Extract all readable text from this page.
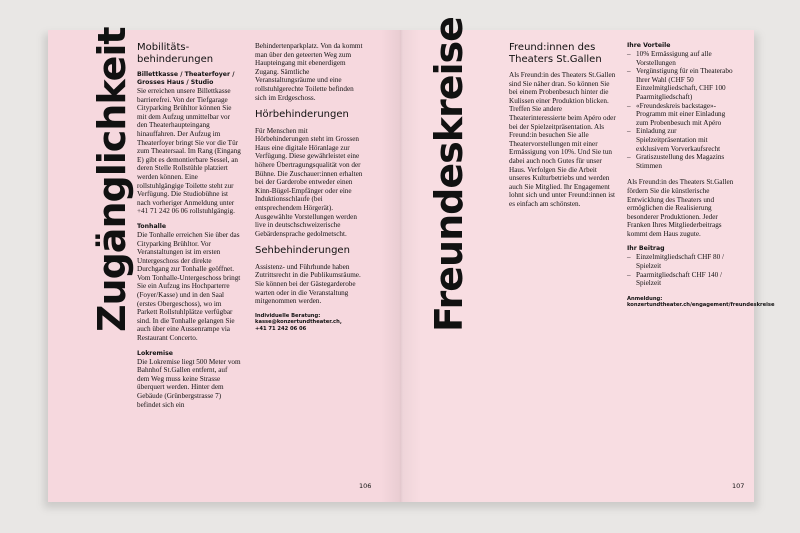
Zugänglichkeit Mobilitäts-behinderungen
Billettkasse / Theaterfoyer / Grosses Haus / Studio

Sie erreichen unsere Billettkasse barrierefrei. Von der Tiefgarage Cityparking Brühltor können Sie mit dem Aufzug unmittelbar vor den Theaterhaupteingang hinauffahren. Der Aufzug im Theaterfoyer bringt Sie vor die Tür zum Theatersaal. Im Rang (Eingang E) gibt es demontierbare Sessel, an deren Stelle Rollstühle platziert werden können. Eine rollstuhlgängige Toilette steht zur Verfügung. Die Studiobühne ist nach vorheriger Anmeldung unter +41 71 242 06 06 rollstuhlgängig.

Tonhalle

Die Tonhalle erreichen Sie über das Cityparking Brühltor. Vor Veranstaltungen ist im ersten Untergeschoss der direkte Durchgang zur Tonhalle geöffnet. Vom Tonhalle-Untergeschoss bringt Sie ein Aufzug ins Hochparterre (Foyer/Kasse) und in den Saal (erstes Obergeschoss), wo im Parkett Rollstuhlplätze verfügbar sind. In die Tonhalle gelangen Sie auch über eine Aussenrampe via Restaurant Concerto.

Lokremise

Die Lokremise liegt 500 Meter vom Bahnhof St.Gallen entfernt, auf dem Weg muss keine Strasse überquert werden. Hinter dem Gebäude (Grünbergstrasse 7) befindet sich ein

Behindertenparkplatz. Von da kommt man über den geteerten Weg zum Haupteingang mit ebenerdigem Zugang. Sämtliche Veranstaltungsräume und eine rollstuhlgerechte Toilette befinden sich im Erdgeschoss.

Hörbehinderungen

Für Menschen mit Hörbehinderungen steht im Grossen Haus eine digitale Höranlage zur Verfügung. Diese gewährleistet eine höhere Übertragungsqualität von der Bühne. Die Zuschauer:innen erhalten bei der Garderobe entweder einen Kinn-Bügel-Empfänger oder eine Induktionsschlaufe (bei entsprechendem Hörgerät). Ausgewählte Vorstellungen werden live in deutschschweizerische Gebärdensprache gedolmetscht.

Sehbehinderungen

Assistenz- und Führhunde haben Zutrittsrecht in die Publikumsräume. Sie können bei der Gästegarderobe warten oder in die Veranstaltung mitgenommen werden.

Individuelle Beratung:
kasse@konzertundtheater.ch,
+41 71 242 06 06
106
Freundeskreise	Freund:innen des Theaters St.Gallen

Als Freund:in des Theaters St.Gallen sind Sie näher dran. So können Sie bei einem Probenbesuch hinter die Kulissen einer Produktion blicken. Treffen Sie andere Theaterinteressierte beim Apéro oder bei der Spielzeitpräsentation. Als Freund:in besuchen Sie alle Theatervorstellungen mit einer Ermässigung von 10%. Und Sie tun dabei auch noch Gutes für unser Haus. Verfolgen Sie die Arbeit unseres Kulturbetriebs und werden auch Sie Mitglied. Ihr Engagement lohnt sich und unter Freund:innen ist es einfach am schönsten.

Ihre Vorteile
– 10% Ermässigung auf alle Vorstellungen
– Vergünstigung für ein Theaterabo Ihrer Wahl (CHF 50 Einzelmitgliedschaft, CHF 100 Paarmitgliedschaft)
– «Freundeskreis backstage»-Programm mit einer Einladung zum Probenbesuch mit Apéro
– Einladung zur Spielzeitpräsentation mit exklusivem Vorverkaufsrecht
– Gratiszustellung des Magazins Stimmen

Als Freund:in des Theaters St.Gallen fördern Sie die künstlerische Entwicklung des Theaters und ermöglichen die Realisierung besonderer Produktionen. Jeder Franken Ihres Mitgliederbeitrags kommt dem Haus zugute.

Ihr Beitrag
– Einzelmitgliedschaft CHF 80 / Spielzeit
– Paarmitgliedschaft CHF 140 / Spielzeit
Anmeldung:
konzertundtheater.ch/engagement/freundeskreise
107
